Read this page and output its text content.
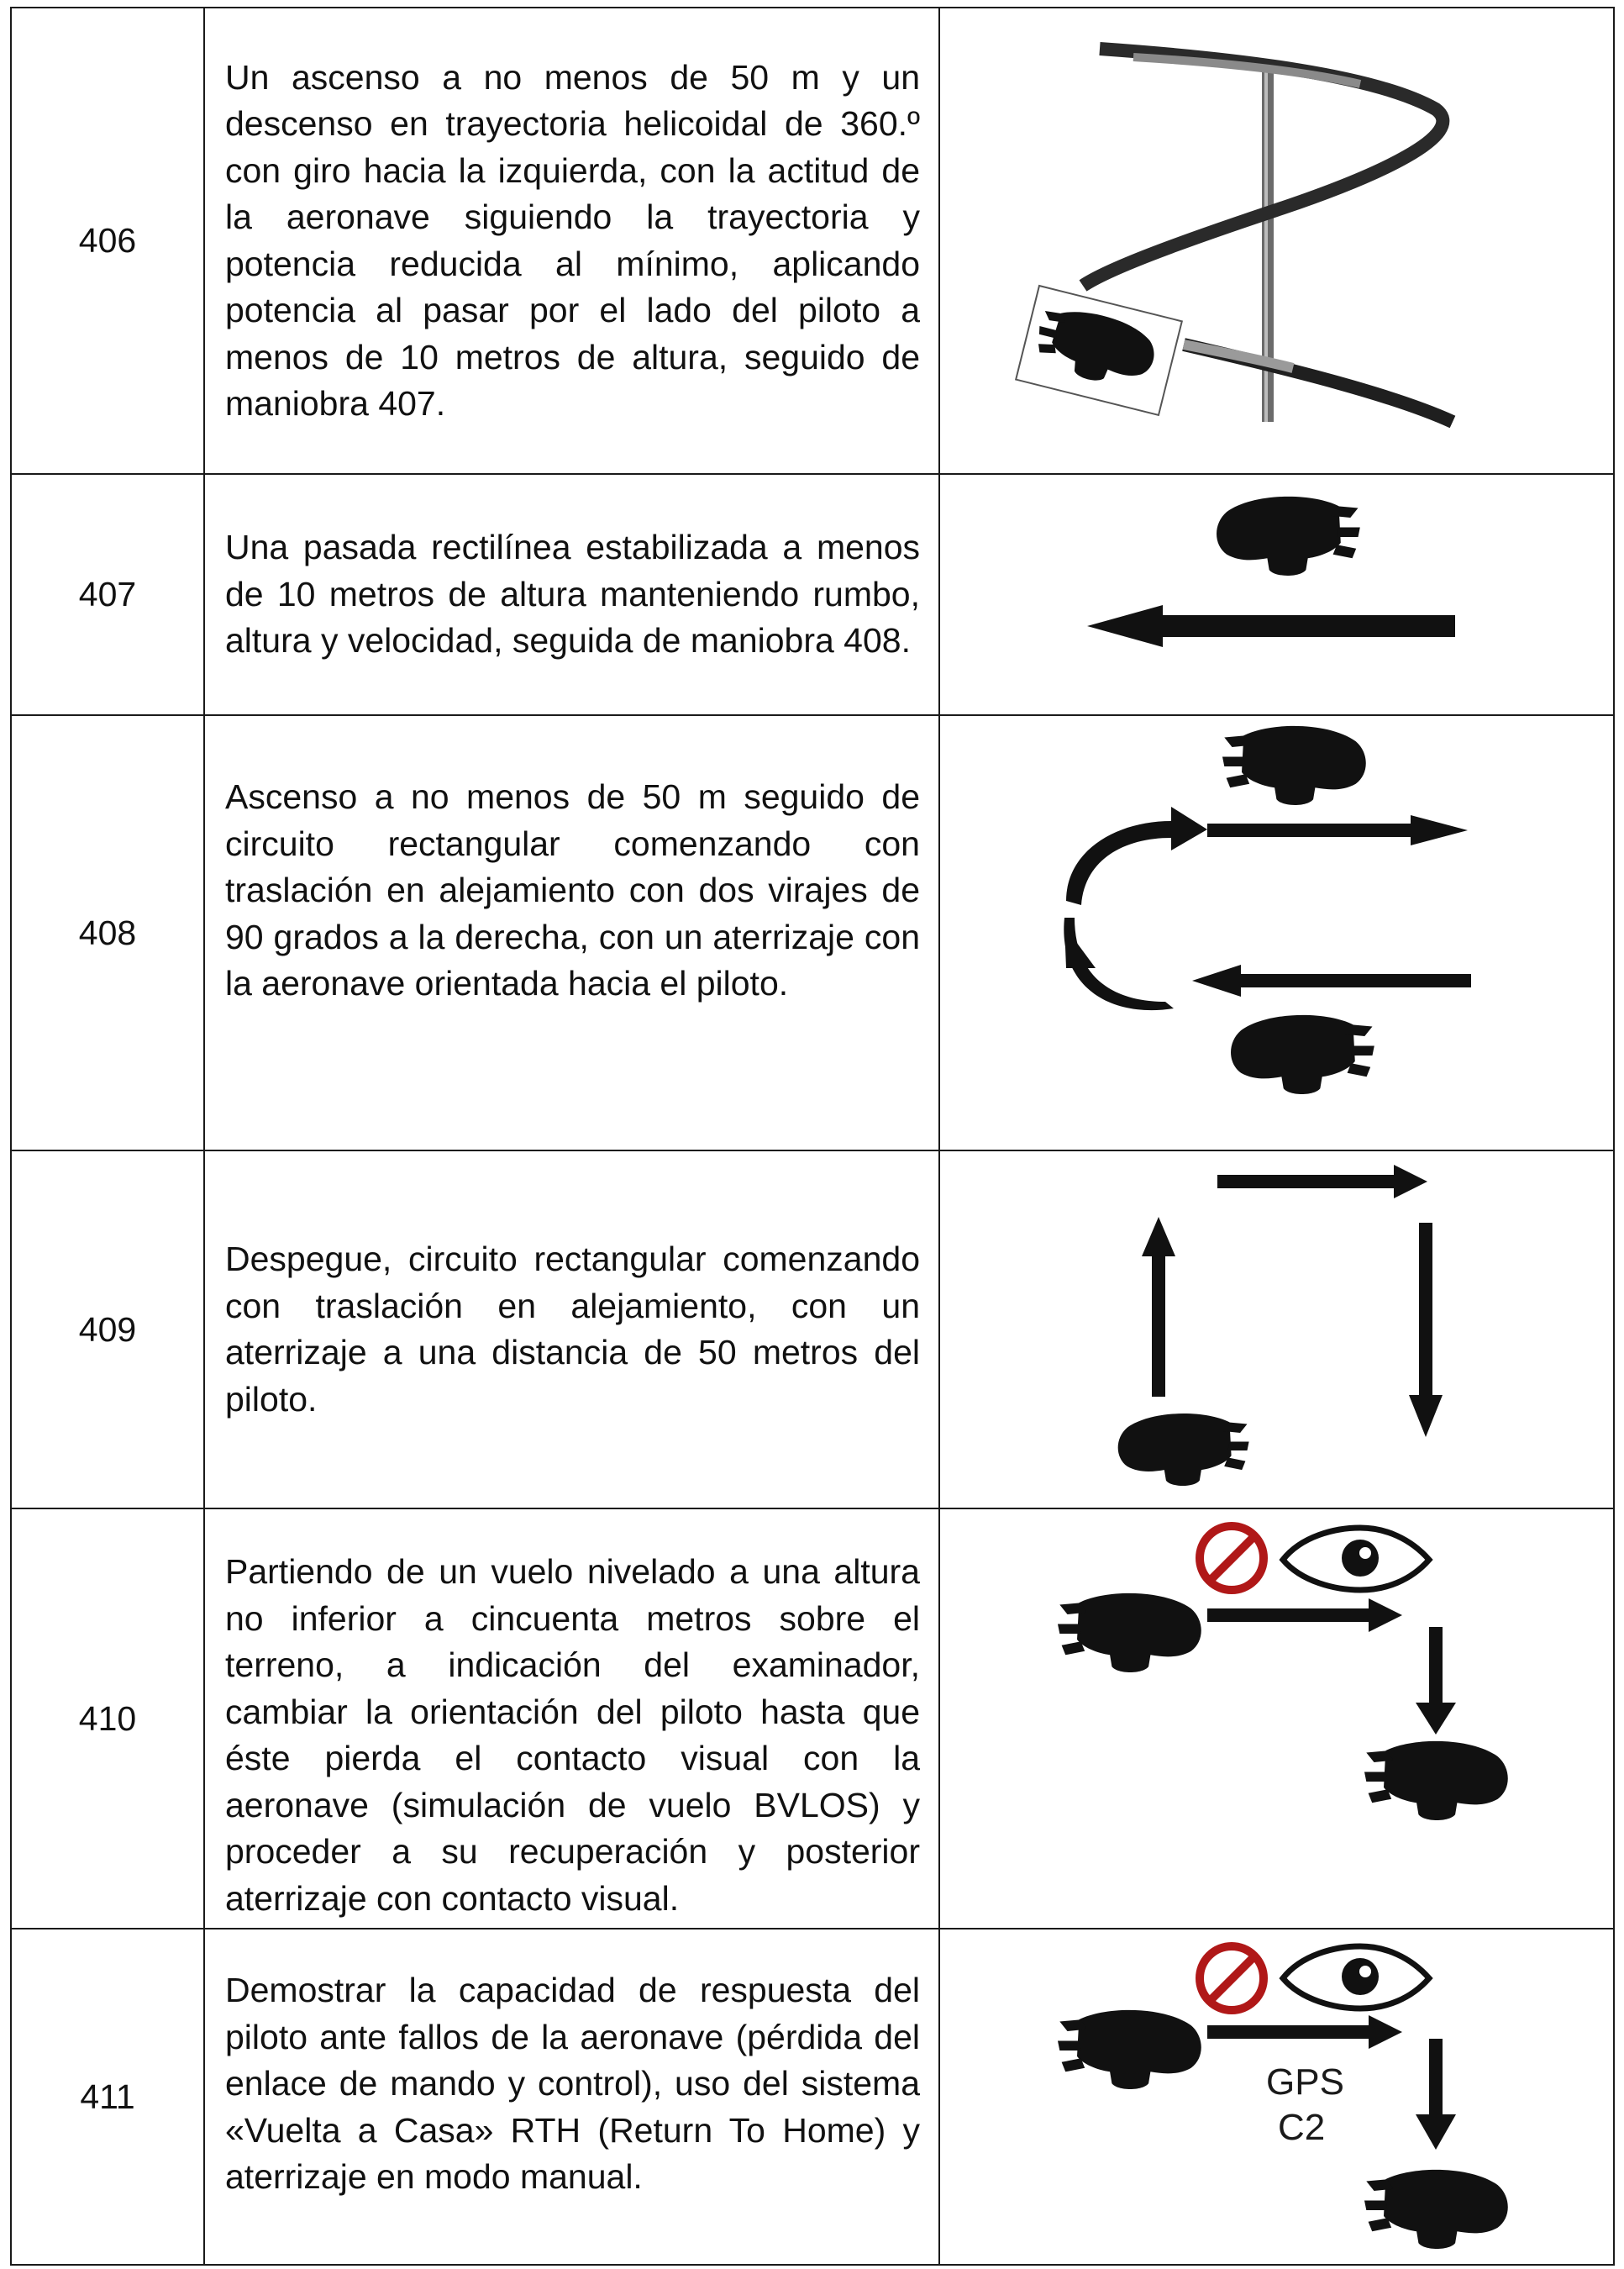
406	Un ascenso a no menos de 50 m y un descenso en trayectoria helicoidal de 360.º con giro hacia la izquierda, con la actitud de la aeronave siguiendo la trayectoria y potencia reducida al mínimo, aplicando potencia al pasar por el lado del piloto a menos de 10 metros de altura, seguido de maniobra 407.

407	Una pasada rectilínea estabilizada a menos de 10 metros de altura manteniendo rumbo, altura y velocidad, seguida de maniobra 408.

408	Ascenso a no menos de 50 m seguido de circuito rectangular comenzando con traslación en alejamiento con dos virajes de 90 grados a la derecha, con un aterrizaje con la aeronave orientada hacia el piloto.

409	Despegue, circuito rectangular comenzando con traslación en alejamiento, con un aterrizaje a una distancia de 50 metros del piloto.

410	Partiendo de un vuelo nivelado a una altura no inferior a cincuenta metros sobre el terreno, a indicación del examinador, cambiar la orientación del piloto hasta que éste pierda el contacto visual con la aeronave (simulación de vuelo BVLOS) y proceder a su recuperación y posterior aterrizaje con contacto visual.

411	Demostrar la capacidad de respuesta del piloto ante fallos de la aeronave (pérdida del enlace de mando y control), uso del sistema «Vuelta a Casa» RTH (Return To Home) y aterrizaje en modo manual.	GPS
C2
